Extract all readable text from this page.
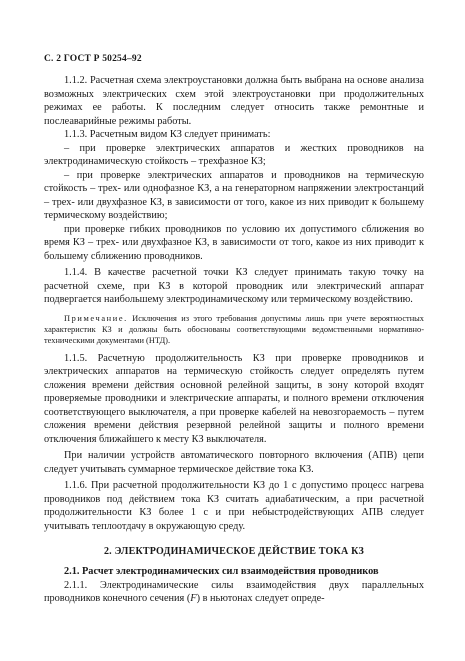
С. 2 ГОСТ Р 50254–92

1.1.2. Расчетная схема электроустановки должна быть выбрана на основе анализа возможных электрических схем этой электроустановки при продолжительных режимах ее работы. К последним следует относить также ремонтные и послеаварийные режимы работы.

1.1.3. Расчетным видом КЗ следует принимать:

– при проверке электрических аппаратов и жестких проводников на электродинамическую стойкость – трехфазное КЗ;

– при проверке электрических аппаратов и проводников на термическую стойкость – трех- или однофазное КЗ, а на генераторном напряжении электростанций – трех- или двухфазное КЗ, в зависимости от того, какое из них приводит к большему термическому воздействию;

при проверке гибких проводников по условию их допустимого сближения во время КЗ – трех- или двухфазное КЗ, в зависимости от того, какое из них приводит к большему сближению проводников.

1.1.4. В качестве расчетной точки КЗ следует принимать такую точку на расчетной схеме, при КЗ в которой проводник или электрический аппарат подвергается наибольшему электродинамическому или термическому воздействию.

Примечание. Исключения из этого требования допустимы лишь при учете вероятностных характеристик КЗ и должны быть обоснованы соответствующими ведомственными нормативно-техническими документами (НТД).

1.1.5. Расчетную продолжительность КЗ при проверке проводников и электрических аппаратов на термическую стойкость следует определять путем сложения времени действия основной релейной защиты, в зону которой входят проверяемые проводники и электрические аппараты, и полного времени отключения соответствующего выключателя, а при проверке кабелей на невозгораемость – путем сложения времени действия резервной релейной защиты и полного времени отключения ближайшего к месту КЗ выключателя.

При наличии устройств автоматического повторного включения (АПВ) цепи следует учитывать суммарное термическое действие тока КЗ.

1.1.6. При расчетной продолжительности КЗ до 1 с допустимо процесс нагрева проводников под действием тока КЗ считать адиабатическим, а при расчетной продолжительности КЗ более 1 с и при небыстродействующих АПВ следует учитывать теплоотдачу в окружающую среду.

2. ЭЛЕКТРОДИНАМИЧЕСКОЕ ДЕЙСТВИЕ ТОКА КЗ

2.1. Расчет электродинамических сил взаимодействия проводников

2.1.1. Электродинамические силы взаимодействия двух параллельных проводников конечного сечения (F) в ньютонах следует опреде-
